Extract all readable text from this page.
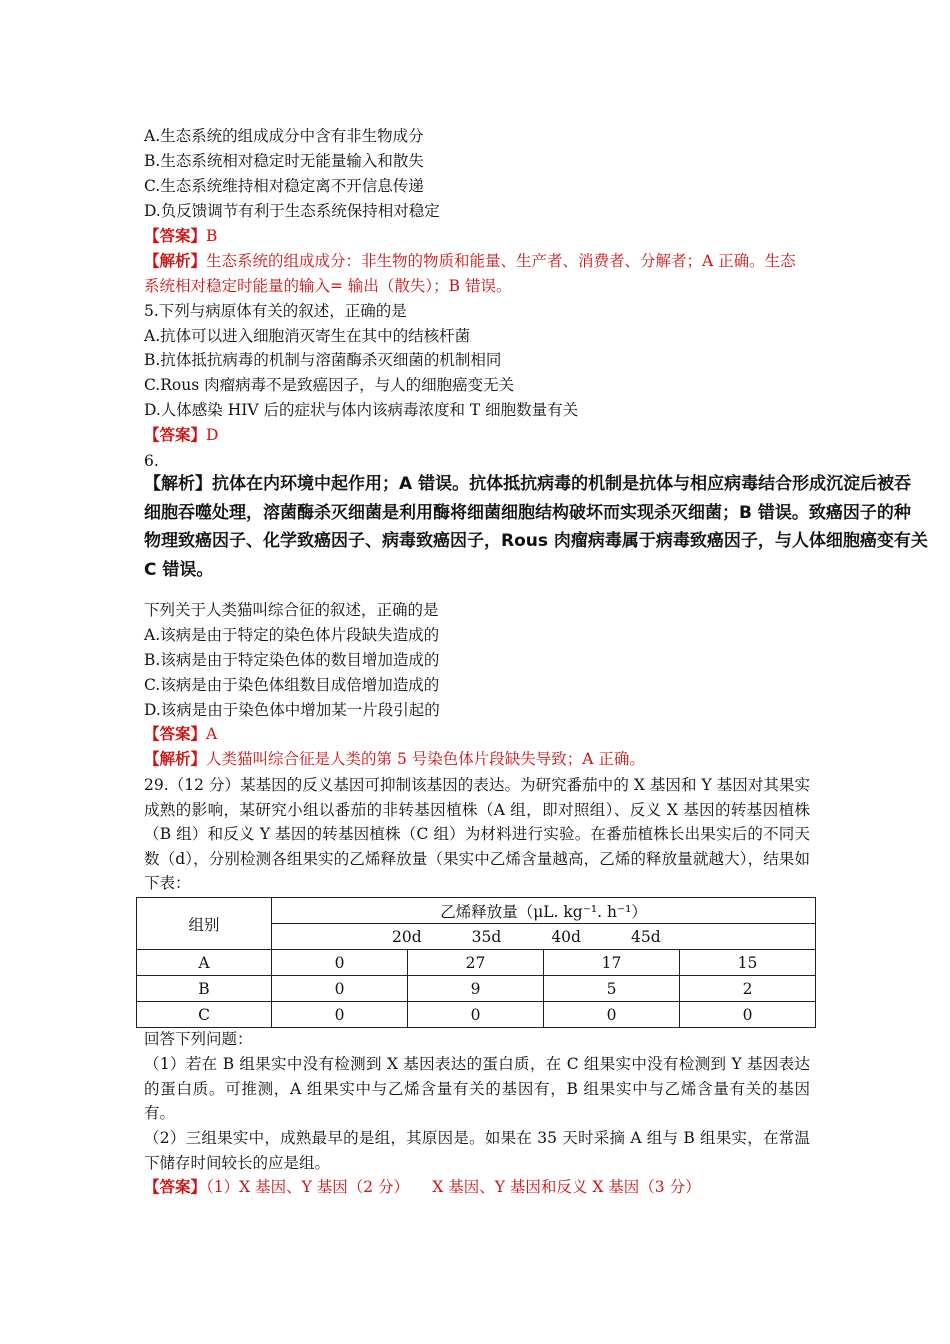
A.生态系统的组成成分中含有非生物成分
B.生态系统相对稳定时无能量输入和散失
C.生态系统维持相对稳定离不开信息传递
D.负反馈调节有利于生态系统保持相对稳定
【答案】B
【解析】生态系统的组成成分：非生物的物质和能量、生产者、消费者、分解者；A 正确。生态
系统相对稳定时能量的输入= 输出（散失）；B 错误。
5.下列与病原体有关的叙述，正确的是
A.抗体可以进入细胞消灭寄生在其中的结核杆菌
B.抗体抵抗病毒的机制与溶菌酶杀灭细菌的机制相同
C.Rous 肉瘤病毒不是致癌因子，与人的细胞癌变无关
D.人体感染 HIV 后的症状与体内该病毒浓度和 T 细胞数量有关
【答案】D
6.
【解析】抗体在内环境中起作用；A 错误。抗体抵抗病毒的机制是抗体与相应病毒结合形成沉淀后被吞
细胞吞噬处理，溶菌酶杀灭细菌是利用酶将细菌细胞结构破坏而实现杀灭细菌；B 错误。致癌因子的种
物理致癌因子、化学致癌因子、病毒致癌因子，Rous 肉瘤病毒属于病毒致癌因子，与人体细胞癌变有关
C 错误。
下列关于人类猫叫综合征的叙述，正确的是
A.该病是由于特定的染色体片段缺失造成的
B.该病是由于特定染色体的数目增加造成的
C.该病是由于染色体组数目成倍增加造成的
D.该病是由于染色体中增加某一片段引起的
【答案】A
【解析】人类猫叫综合征是人类的第 5 号染色体片段缺失导致；A 正确。
29.（12 分）某基因的反义基因可抑制该基因的表达。为研究番茄中的 X 基因和 Y 基因对其果实成熟的影响，某研究小组以番茄的非转基因植株（A 组，即对照组）、反义 X 基因的转基因植株（B 组）和反义 Y 基因的转基因植株（C 组）为材料进行实验。在番茄植株长出果实后的不同天数（d），分别检测各组果实的乙烯释放量（果实中乙烯含量越高，乙烯的释放量就越大），结果如下表：
组别	乙烯释放量（μL. kg⁻¹. h⁻¹）			

	20d 35d 40d 45d			

A	0	27	17	15
B	0	9	5	2
C	0	0	0	0
回答下列问题：
（1）若在 B 组果实中没有检测到 X 基因表达的蛋白质，在 C 组果实中没有检测到 Y 基因表达的蛋白质。可推测，A 组果实中与乙烯含量有关的基因有，B 组果实中与乙烯含量有关的基因有。
（2）三组果实中，成熟最早的是组，其原因是。如果在 35 天时采摘 A 组与 B 组果实，在常温下储存时间较长的应是组。
【答案】（1）X 基因、Y 基因（2 分）　　X 基因、Y 基因和反义 X 基因（3 分）
